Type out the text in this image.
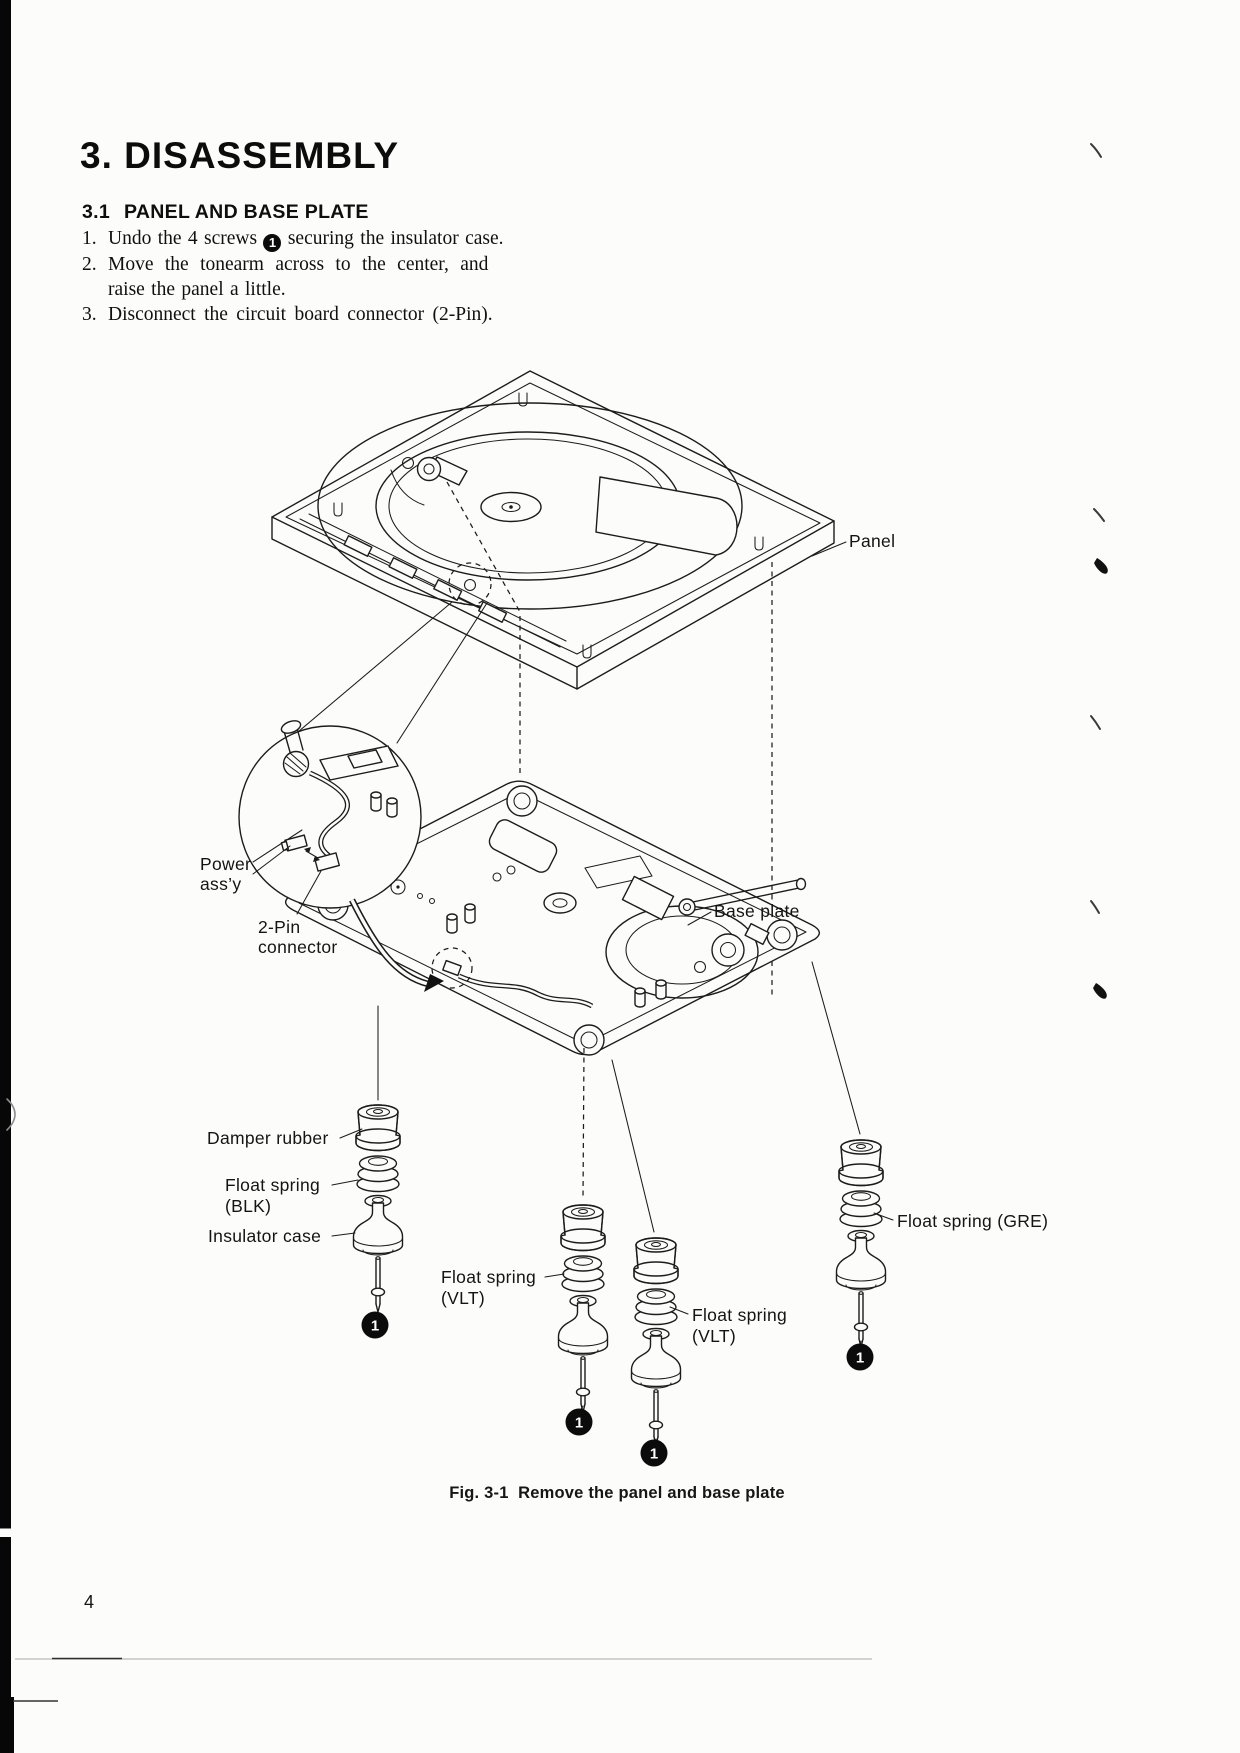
3. DISASSEMBLY
3.1 PANEL AND BASE PLATE
1. Undo the 4 screws 1 securing the insulator case.
2. Move the tonearm across to the center, and
raise the panel a little.
3. Disconnect the circuit board connector (2-Pin).
1
1
1
1
Panel
Power
ass’y
2-Pin
connector
Base plate
Damper rubber
Float spring
(BLK)
Insulator case
Float spring
(VLT)
Float spring
(VLT)
Float spring (GRE)
Fig. 3-1  Remove the panel and base plate
4
